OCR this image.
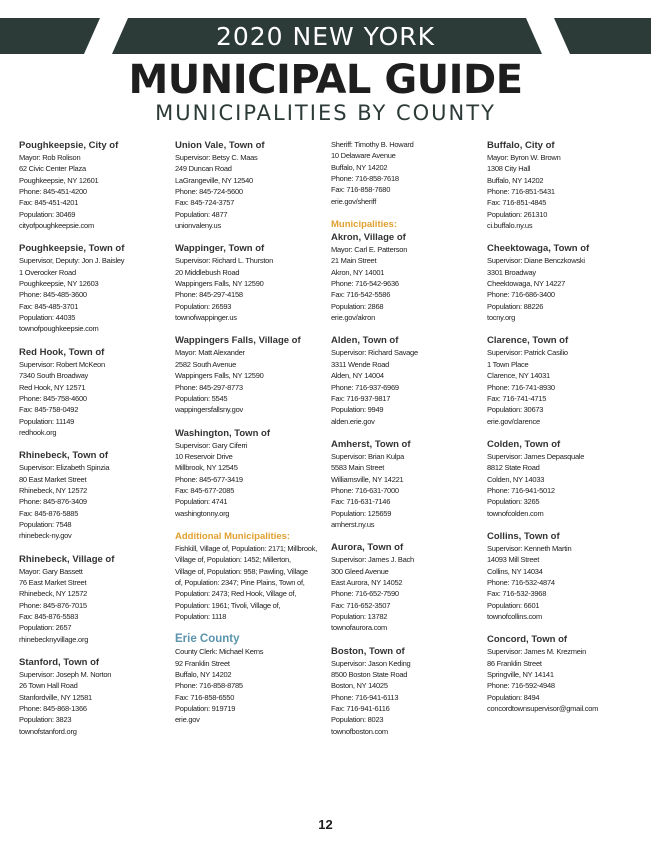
2020 NEW YORK
MUNICIPAL GUIDE
MUNICIPALITIES BY COUNTY
Poughkeepsie, City of
Mayor: Rob Rolison
62 Civic Center Plaza
Poughkeepsie, NY 12601
Phone: 845-451-4200
Fax: 845-451-4201
Population: 30469
cityofpoughkeepsie.com
Poughkeepsie, Town of
Supervisor, Deputy: Jon J. Baisley
1 Overocker Road
Poughkeepsie, NY 12603
Phone: 845-485-3600
Fax: 845-485-3701
Population: 44035
townofpoughkeepsie.com
Red Hook, Town of
Supervisor: Robert McKeon
7340 South Broadway
Red Hook, NY 12571
Phone: 845-758-4600
Fax: 845-758-0492
Population: 11149
redhook.org
Rhinebeck, Town of
Supervisor: Elizabeth Spinzia
80 East Market Street
Rhinebeck, NY 12572
Phone: 845-876-3409
Fax: 845-876-5885
Population: 7548
rhinebeck-ny.gov
Rhinebeck, Village of
Mayor: Gary Bassett
76 East Market Street
Rhinebeck, NY 12572
Phone: 845-876-7015
Fax: 845-876-5583
Population: 2657
rhinebecknyvillage.org
Stanford, Town of
Supervisor: Joseph M. Norton
26 Town Hall Road
Stanfordville, NY 12581
Phone: 845-868-1366
Population: 3823
townofstanford.org
Union Vale, Town of
Supervisor: Betsy C. Maas
249 Duncan Road
LaGrangeville, NY 12540
Phone: 845-724-5600
Fax: 845-724-3757
Population: 4877
unionvaleny.us
Wappinger, Town of
Supervisor: Richard L. Thurston
20 Middlebush Road
Wappingers Falls, NY 12590
Phone: 845-297-4158
Population: 26593
townofwappinger.us
Wappingers Falls, Village of
Mayor: Matt Alexander
2582 South Avenue
Wappingers Falls, NY 12590
Phone: 845-297-8773
Population: 5545
wappingersfallsny.gov
Washington, Town of
Supervisor: Gary Ciferri
10 Reservoir Drive
Millbrook, NY 12545
Phone: 845-677-3419
Fax: 845-677-2085
Population: 4741
washingtonny.org
Additional Municipalities:
Fishkill, Village of, Population: 2171; Millbrook,
Village of, Population: 1452; Millerton,
Village of, Population: 958; Pawling, Village
of, Population: 2347; Pine Plains, Town of,
Population: 2473; Red Hook, Village of,
Population: 1961; Tivoli, Village of,
Population: 1118
Erie County
County Clerk: Michael Kerns
92 Franklin Street
Buffalo, NY 14202
Phone: 716-858-8785
Fax: 716-858-6550
Population: 919719
erie.gov
Sheriff: Timothy B. Howard
10 Delaware Avenue
Buffalo, NY 14202
Phone: 716-858-7618
Fax: 716-858-7680
erie.gov/sheriff
Municipalities:
Akron, Village of
Mayor: Carl E. Patterson
21 Main Street
Akron, NY 14001
Phone: 716-542-9636
Fax: 716-542-5586
Population: 2868
erie.gov/akron
Alden, Town of
Supervisor: Richard Savage
3311 Wende Road
Alden, NY 14004
Phone: 716-937-6969
Fax: 716-937-9817
Population: 9949
alden.erie.gov
Amherst, Town of
Supervisor: Brian Kulpa
5583 Main Street
Williamsville, NY 14221
Phone: 716-631-7000
Fax: 716-631-7146
Population: 125659
amherst.ny.us
Aurora, Town of
Supervisor: James J. Bach
300 Gleed Avenue
East Aurora, NY 14052
Phone: 716-652-7590
Fax: 716-652-3507
Population: 13782
townofaurora.com
Boston, Town of
Supervisor: Jason Keding
8500 Boston State Road
Boston, NY 14025
Phone: 716-941-6113
Fax: 716-941-6116
Population: 8023
townofboston.com
Buffalo, City of
Mayor: Byron W. Brown
1308 City Hall
Buffalo, NY 14202
Phone: 716-851-5431
Fax: 716-851-4845
Population: 261310
ci.buffalo.ny.us
Cheektowaga, Town of
Supervisor: Diane Benczkowski
3301 Broadway
Cheektowaga, NY 14227
Phone: 716-686-3400
Population: 88226
tocny.org
Clarence, Town of
Supervisor: Patrick Casilio
1 Town Place
Clarence, NY 14031
Phone: 716-741-8930
Fax: 716-741-4715
Population: 30673
erie.gov/clarence
Colden, Town of
Supervisor: James Depasquale
8812 State Road
Colden, NY 14033
Phone: 716-941-5012
Population: 3265
townofcolden.com
Collins, Town of
Supervisor: Kenneth Martin
14093 Mill Street
Collins, NY 14034
Phone: 716-532-4874
Fax: 716-532-3968
Population: 6601
townofcollins.com
Concord, Town of
Supervisor: James M. Krezmein
86 Franklin Street
Springville, NY 14141
Phone: 716-592-4948
Population: 8494
concordtownsupervisor@gmail.com
12
